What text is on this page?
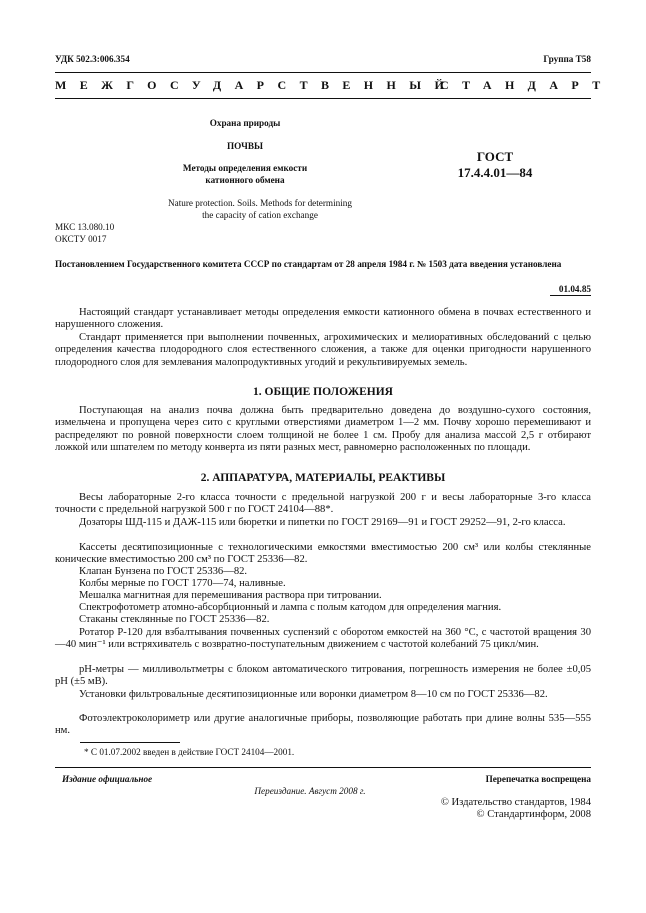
УДК 502.3:006.354	Группа Т58
МЕЖГОСУДАРСТВЕННЫЙ
СТАНДАРТ
Охрана природы
ПОЧВЫ
Методы определения емкости
катионного обмена
Nature protection. Soils. Methods for determining
the capacity of cation exchange
ГОСТ
17.4.4.01—84
МКС 13.080.10
ОКСТУ 0017
Постановлением Государственного комитета СССР по стандартам от 28 апреля 1984 г. № 1503 дата введения установлена
01.04.85
Настоящий стандарт устанавливает методы определения емкости катионного обмена в почвах естественного и нарушенного сложения.
Стандарт применяется при выполнении почвенных, агрохимических и мелиоративных обследований с целью определения качества плодородного слоя естественного сложения, а также для оценки пригодности нарушенного плодородного слоя для землевания малопродуктивных угодий и рекультивируемых земель.
1. ОБЩИЕ ПОЛОЖЕНИЯ
Поступающая на анализ почва должна быть предварительно доведена до воздушно-сухого состояния, измельчена и пропущена через сито с круглыми отверстиями диаметром 1—2 мм. Почву хорошо перемешивают и распределяют по ровной поверхности слоем толщиной не более 1 см. Пробу для анализа массой 2,5 г отбирают ложкой или шпателем по методу конверта из пяти разных мест, равномерно расположенных по площади.
2. АППАРАТУРА, МАТЕРИАЛЫ, РЕАКТИВЫ
Весы лабораторные 2-го класса точности с предельной нагрузкой 200 г и весы лабораторные 3-го класса точности с предельной нагрузкой 500 г по ГОСТ 24104—88*.
Дозаторы ШД-115 и ДАЖ-115 или бюретки и пипетки по ГОСТ 29169—91 и ГОСТ 29252—91, 2-го класса.
Кассеты десятипозиционные с технологическими емкостями вместимостью 200 см³ или колбы стеклянные конические вместимостью 200 см³ по ГОСТ 25336—82.
Клапан Бунзена по ГОСТ 25336—82.
Колбы мерные по ГОСТ 1770—74, наливные.
Мешалка магнитная для перемешивания раствора при титровании.
Спектрофотометр атомно-абсорбционный и лампа с полым катодом для определения магния.
Стаканы стеклянные по ГОСТ 25336—82.
Ротатор Р-120 для взбалтывания почвенных суспензий с оборотом емкостей на 360 °С, с частотой вращения 30—40 мин⁻¹ или встряхиватель с возвратно-поступательным движением с частотой колебаний 75 цикл/мин.
pH-метры — милливольтметры с блоком автоматического титрования, погрешность измерения не более ±0,05 pH (±5 мВ).
Установки фильтровальные десятипозиционные или воронки диаметром 8—10 см по ГОСТ 25336—82.
Фотоэлектроколориметр или другие аналогичные приборы, позволяющие работать при длине волны 535—555 нм.
* С 01.07.2002 введен в действие ГОСТ 24104—2001.
Издание официальное	Перепечатка воспрещена
Переиздание. Август 2008 г.
© Издательство стандартов, 1984
© Стандартинформ, 2008
